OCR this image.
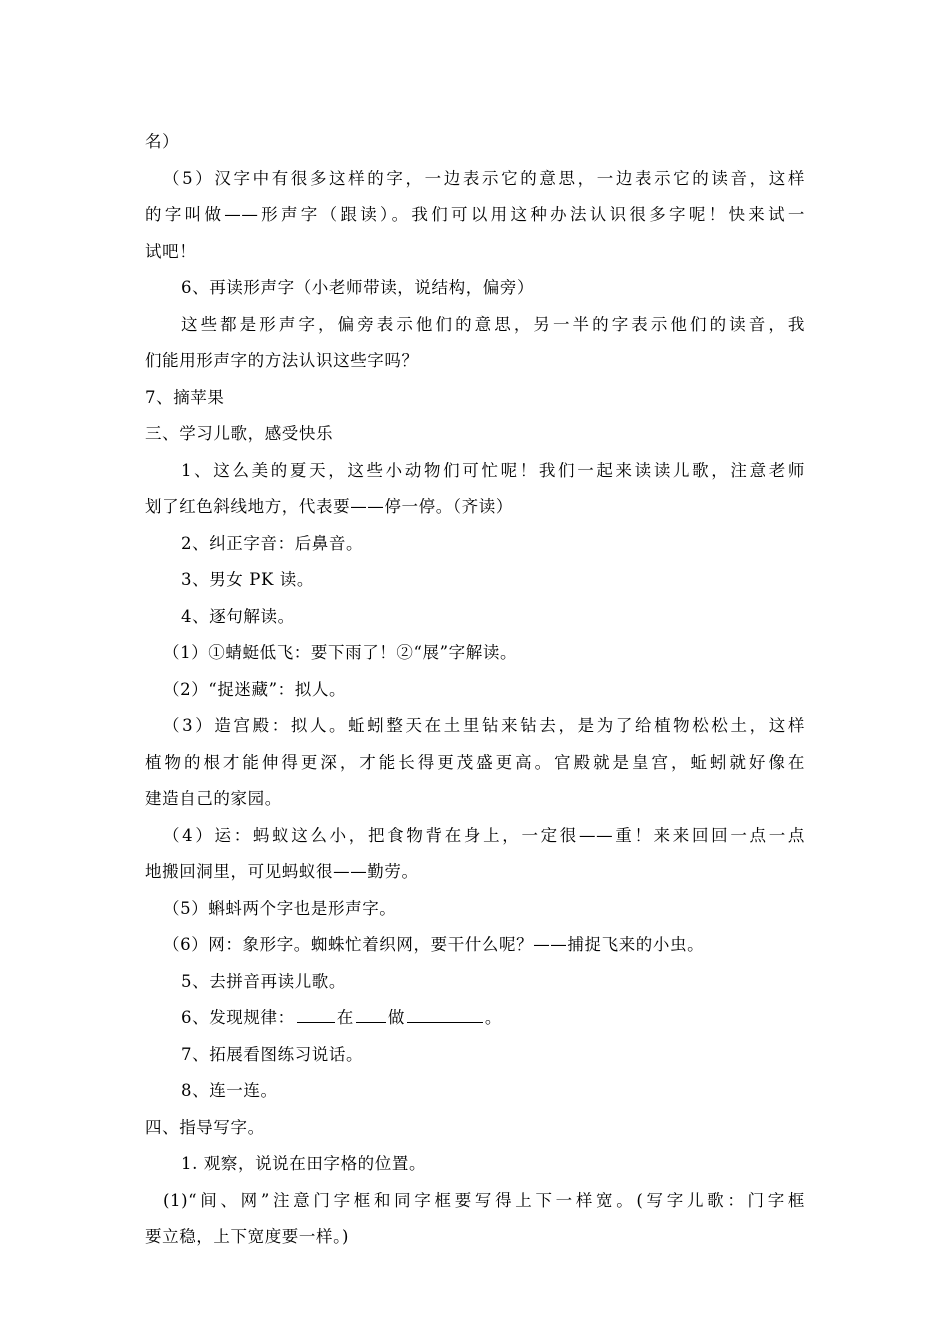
名）
（5）汉字中有很多这样的字，一边表示它的意思，一边表示它的读音，这样
的字叫做——形声字（跟读）。我们可以用这种办法认识很多字呢！快来试一
试吧！
6、再读形声字（小老师带读，说结构，偏旁）
这些都是形声字，偏旁表示他们的意思，另一半的字表示他们的读音，我
们能用形声字的方法认识这些字吗？
7、摘苹果
三、学习儿歌，感受快乐
1、这么美的夏天，这些小动物们可忙呢！我们一起来读读儿歌，注意老师
划了红色斜线地方，代表要——停一停。（齐读）
2、纠正字音：后鼻音。
3、男女 PK 读。
4、逐句解读。
（1）①蜻蜓低飞：要下雨了！②“展”字解读。
（2）“捉迷藏”：拟人。
（3）造宫殿：拟人。蚯蚓整天在土里钻来钻去，是为了给植物松松土，这样
植物的根才能伸得更深，才能长得更茂盛更高。官殿就是皇宫，蚯蚓就好像在
建造自己的家园。
（4）运：蚂蚁这么小，把食物背在身上，一定很——重！来来回回一点一点
地搬回洞里，可见蚂蚁很——勤劳。
（5）蝌蚪两个字也是形声字。
（6）网：象形字。蜘蛛忙着织网，要干什么呢？——捕捉飞来的小虫。
5、去拼音再读儿歌。
6、发现规律：	在 做	。
7、拓展看图练习说话。
8、连一连。
四、指导写字。
1. 观察，说说在田字格的位置。
(1)“间、网”注意门字框和同字框要写得上下一样宽。(写字儿歌：门字框
要立稳，上下宽度要一样。)
